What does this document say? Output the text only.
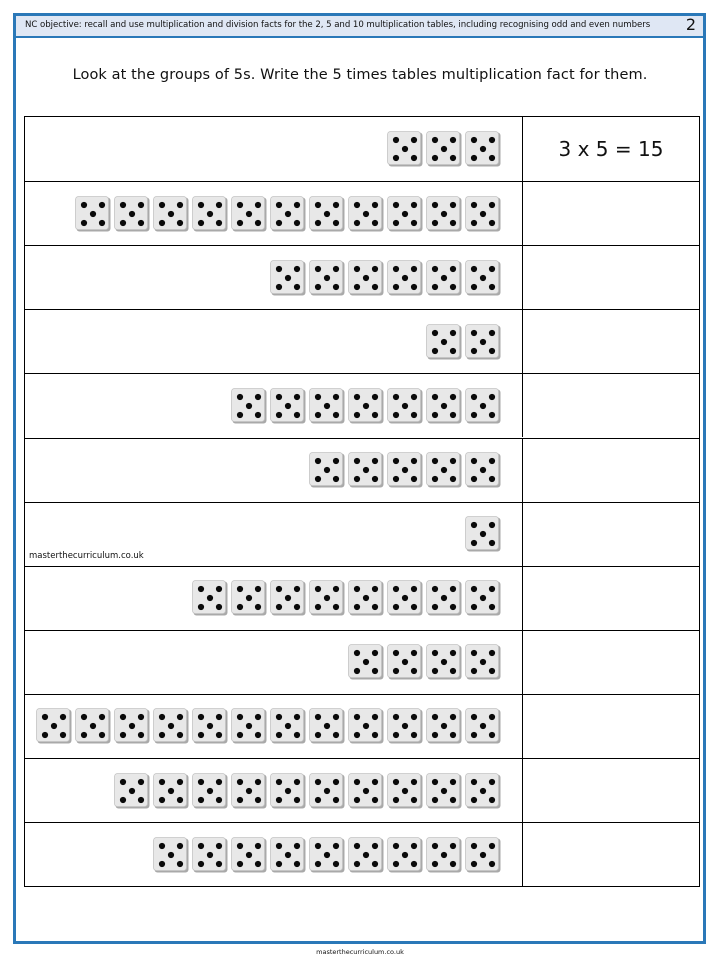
NC objective: recall and use multiplication and division facts for the 2, 5 and 10 multiplication tables, including recognising odd and even numbers 2
Look at the groups of 5s. Write the 5 times tables multiplication fact for them.
3 x 5 = 15
masterthecurriculum.co.uk
masterthecurriculum.co.uk
